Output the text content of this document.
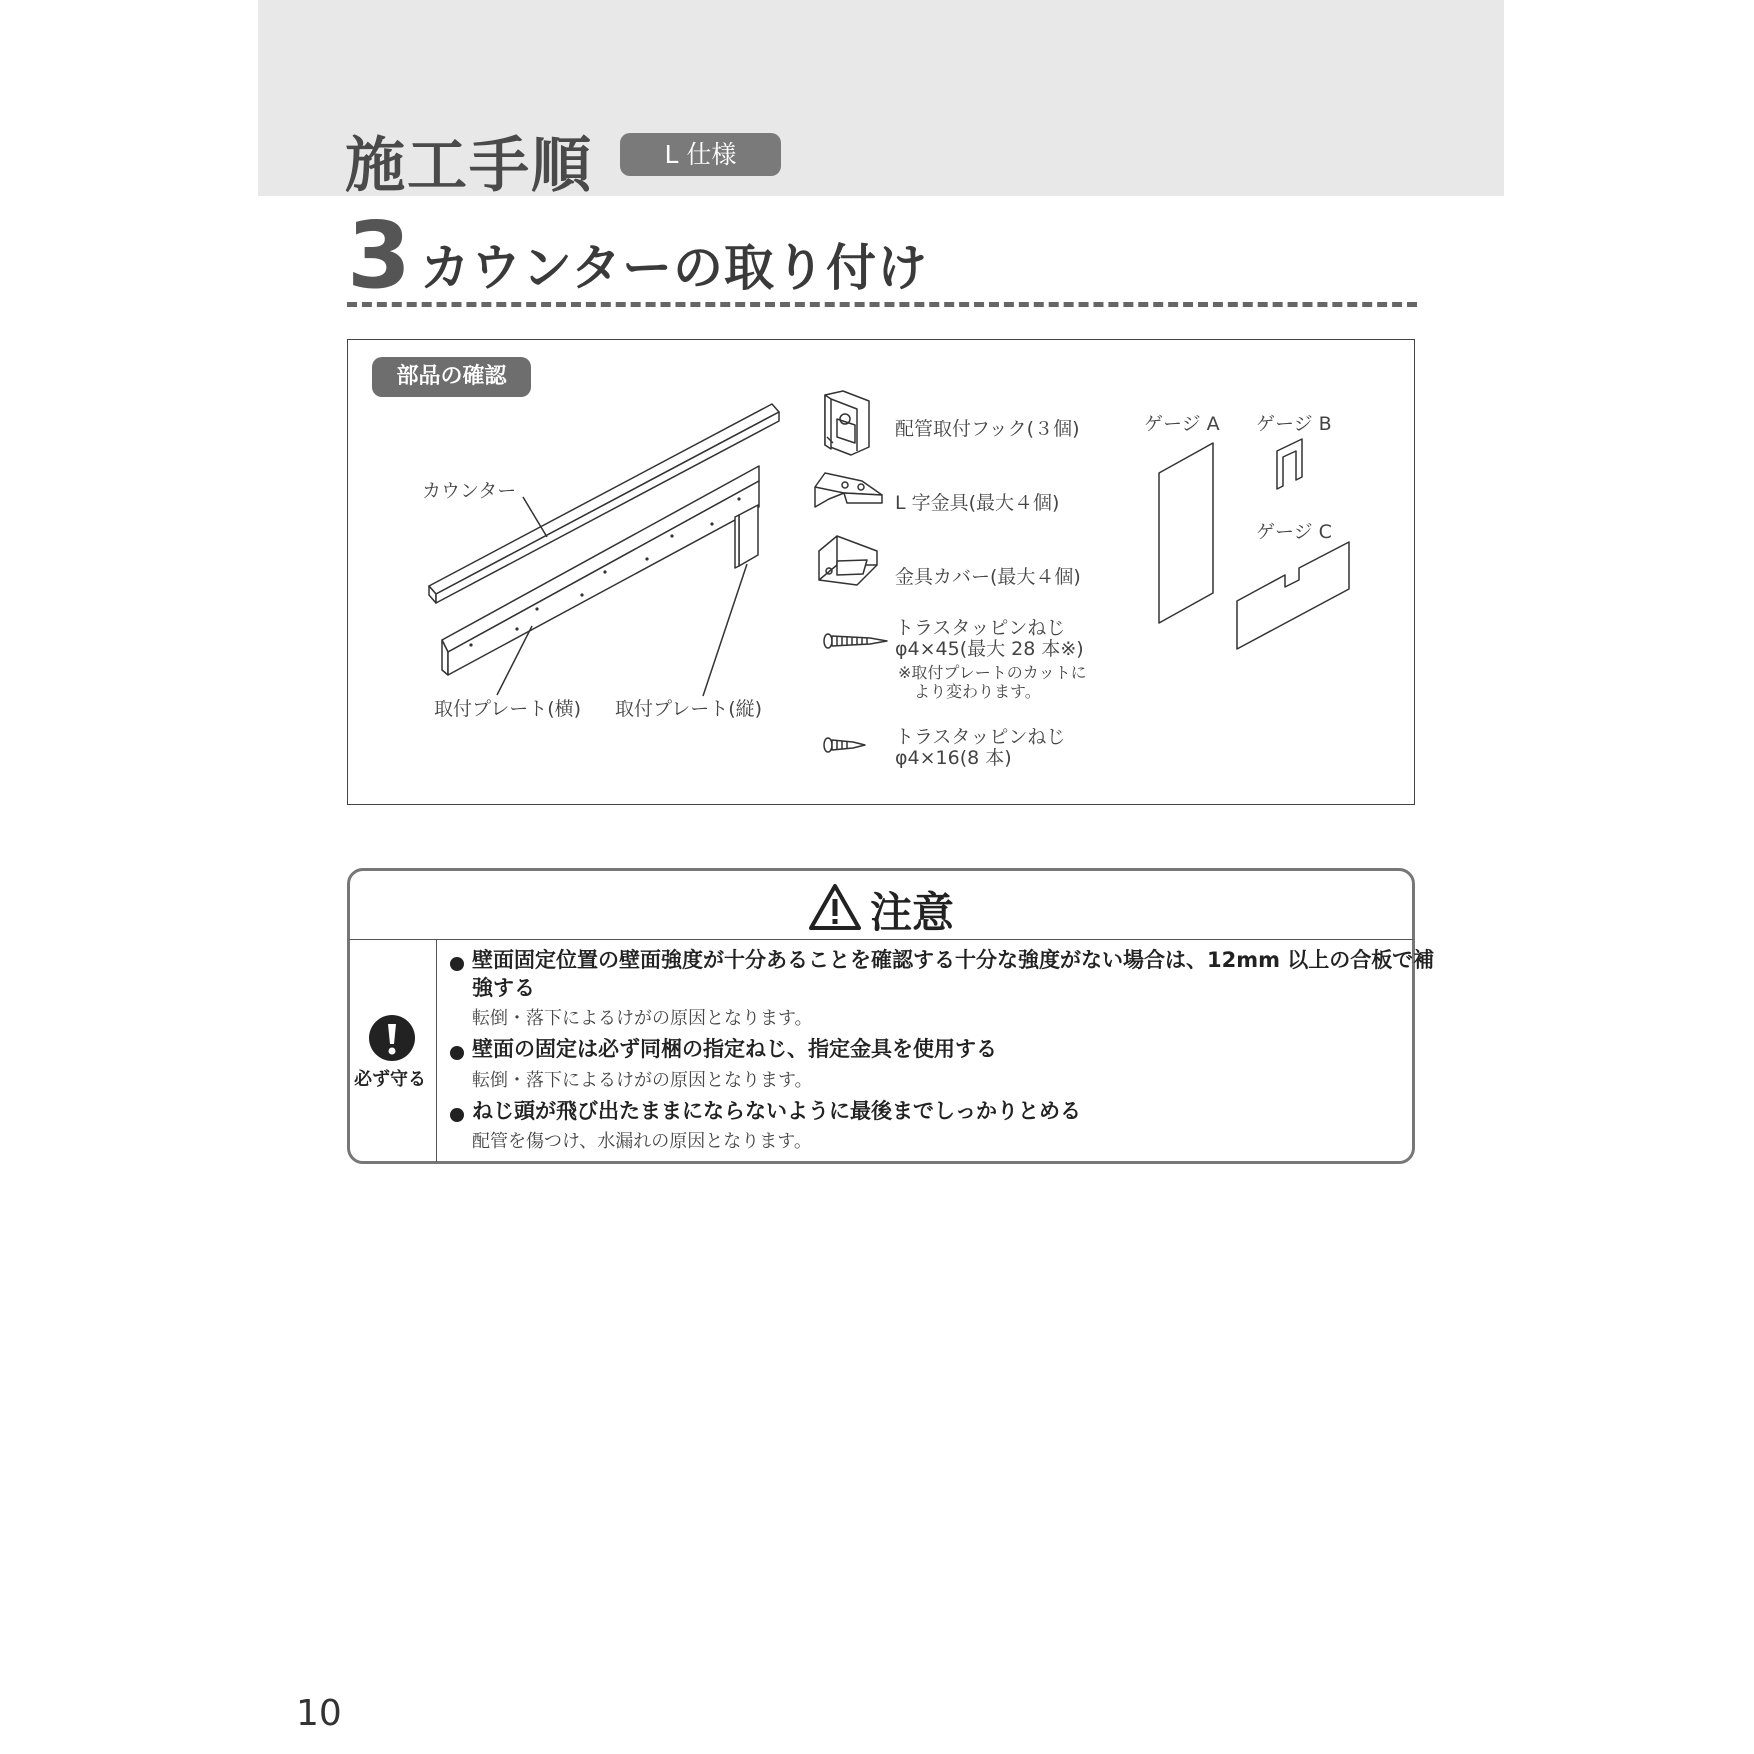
施工手順	L 仕様
3 カウンターの取り付け
部品の確認
カウンター
取付プレート(横) 取付プレート(縦)
配管取付フック(３個)
L 字金具(最大４個)
金具カバー(最大４個)
トラスタッピンねじ
φ4×45(最大 28 本※)
※取付プレートのカットに
より変わります。
トラスタッピンねじ
φ4×16(8 本)
ゲージ A ゲージ B
ゲージ C
注意
必ず守る
壁面固定位置の壁面強度が十分あることを確認する十分な強度がない場合は、12mm 以上の合板で補
強する
転倒・落下によるけがの原因となります。
壁面の固定は必ず同梱の指定ねじ、指定金具を使用する
転倒・落下によるけがの原因となります。
ねじ頭が飛び出たままにならないように最後までしっかりとめる
配管を傷つけ、水漏れの原因となります。
10
